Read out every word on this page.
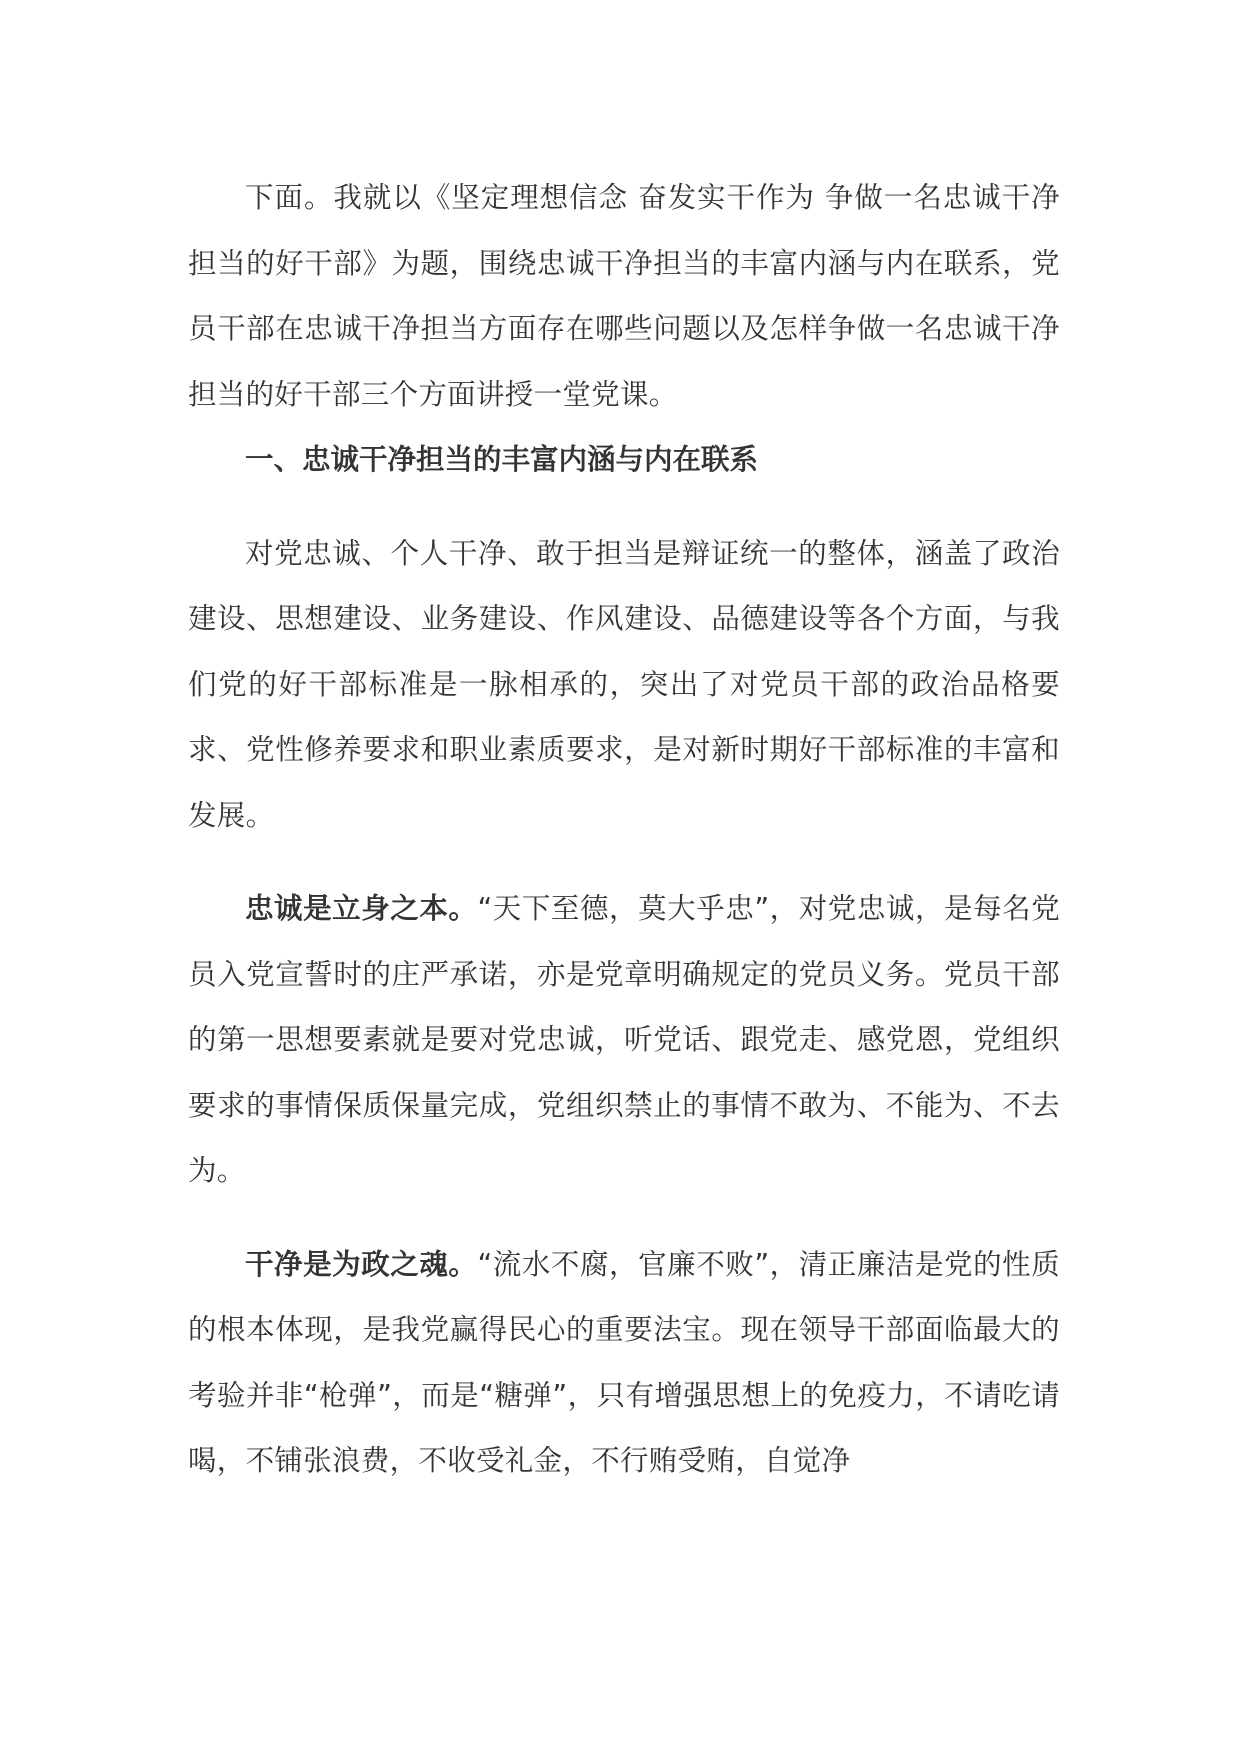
下面。我就以《坚定理想信念 奋发实干作为 争做一名忠诚干净担当的好干部》为题，围绕忠诚干净担当的丰富内涵与内在联系，党员干部在忠诚干净担当方面存在哪些问题以及怎样争做一名忠诚干净担当的好干部三个方面讲授一堂党课。

一、忠诚干净担当的丰富内涵与内在联系

对党忠诚、个人干净、敢于担当是辩证统一的整体，涵盖了政治建设、思想建设、业务建设、作风建设、品德建设等各个方面，与我们党的好干部标准是一脉相承的，突出了对党员干部的政治品格要求、党性修养要求和职业素质要求，是对新时期好干部标准的丰富和发展。

忠诚是立身之本。“天下至德，莫大乎忠”，对党忠诚，是每名党员入党宣誓时的庄严承诺，亦是党章明确规定的党员义务。党员干部的第一思想要素就是要对党忠诚，听党话、跟党走、感党恩，党组织要求的事情保质保量完成，党组织禁止的事情不敢为、不能为、不去为。

干净是为政之魂。“流水不腐，官廉不败”，清正廉洁是党的性质的根本体现，是我党赢得民心的重要法宝。现在领导干部面临最大的考验并非“枪弹”，而是“糖弹”，只有增强思想上的免疫力，不请吃请喝，不铺张浪费，不收受礼金，不行贿受贿，自觉净
